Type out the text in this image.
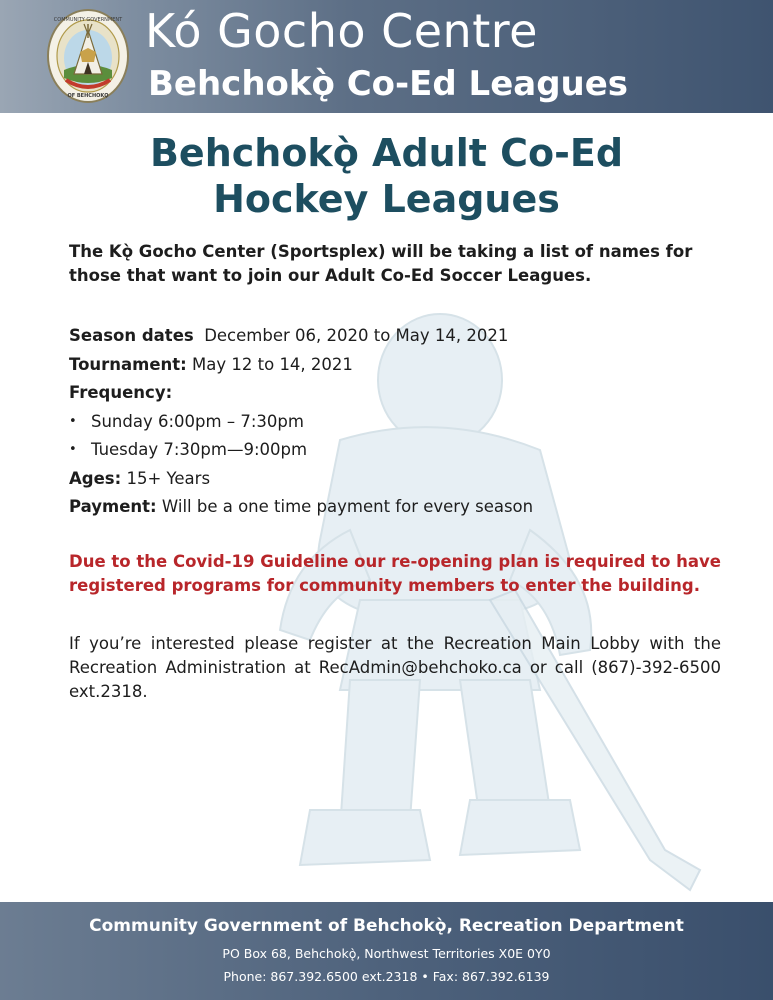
COMMUNITY GOVERNMENT
OF BEHCHOKǪ̀
Kó Gocho Centre
Behchokǫ̀ Co-Ed Leagues
Behchokǫ̀ Adult Co-Ed
Hockey Leagues

The Kǫ̀ Gocho Center (Sportsplex) will be taking a list of names for those that want to join our Adult Co-Ed Soccer Leagues.

Season dates December 06, 2020 to May 14, 2021
Tournament: May 12 to 14, 2021
Frequency:
• Sunday 6:00pm – 7:30pm
• Tuesday 7:30pm—9:00pm
Ages: 15+ Years
Payment: Will be a one time payment for every season

Due to the Covid-19 Guideline our re-opening plan is required to have registered programs for community members to enter the building.

If you’re interested please register at the Recreation Main Lobby with the Recreation Administration at RecAdmin@behchoko.ca or call (867)-392-6500 ext.2318.

Community Government of Behchokǫ̀, Recreation Department
PO Box 68, Behchokǫ̀, Northwest Territories X0E 0Y0
Phone: 867.392.6500 ext.2318 • Fax: 867.392.6139
